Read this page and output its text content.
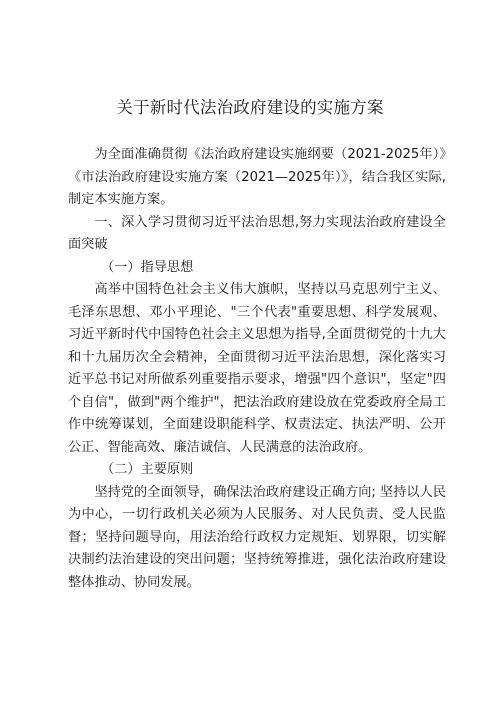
关于新时代法治政府建设的实施方案

为全面准确贯彻《法治政府建设实施纲要（2021-2025年）》《市法治政府建设实施方案（2021—2025年）》，结合我区实际,制定本实施方案。

一、深入学习贯彻习近平法治思想,努力实现法治政府建设全面突破

（一）指导思想

高举中国特色社会主义伟大旗帜，坚持以马克思列宁主义、毛泽东思想、邓小平理论、"三个代表"重要思想、科学发展观、习近平新时代中国特色社会主义思想为指导,全面贯彻党的十九大和十九届历次全会精神，全面贯彻习近平法治思想，深化落实习近平总书记对所做系列重要指示要求，增强"四个意识"，坚定"四个自信"，做到"两个维护"，把法治政府建设放在党委政府全局工作中统筹谋划，全面建设职能科学、权责法定、执法严明、公开公正、智能高效、廉洁诚信、人民满意的法治政府。

（二）主要原则

坚持党的全面领导，确保法治政府建设正确方向; 坚持以人民为中心，一切行政机关必须为人民服务、对人民负责、受人民监督；坚持问题导向，用法治给行政权力定规矩、划界限，切实解决制约法治建设的突出问题；坚持统筹推进，强化法治政府建设整体推动、协同发展。
